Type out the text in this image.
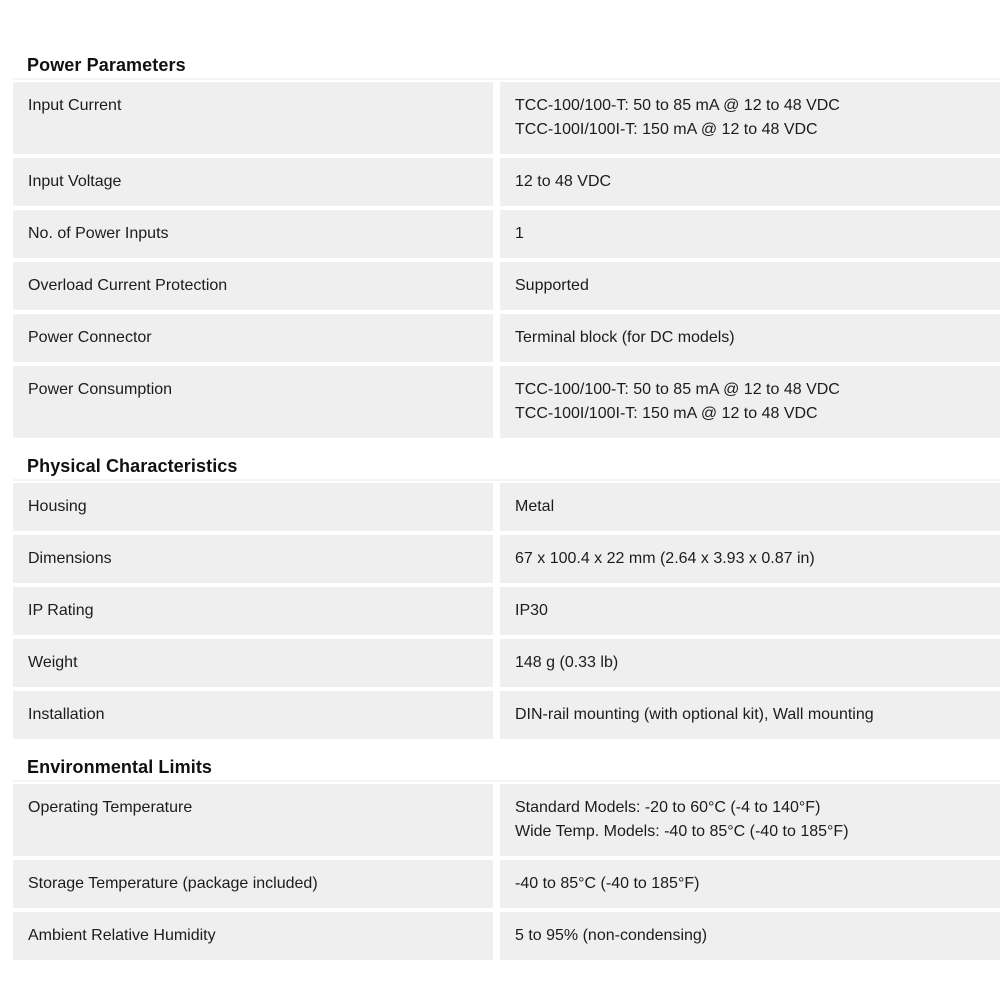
Power Parameters
Input Current	TCC-100/100-T: 50 to 85 mA @ 12 to 48 VDC
TCC-100I/100I-T: 150 mA @ 12 to 48 VDC
Input Voltage	12 to 48 VDC
No. of Power Inputs	1
Overload Current Protection	Supported
Power Connector	Terminal block (for DC models)
Power Consumption	TCC-100/100-T: 50 to 85 mA @ 12 to 48 VDC
TCC-100I/100I-T: 150 mA @ 12 to 48 VDC
Physical Characteristics
Housing	Metal
Dimensions	67 x 100.4 x 22 mm (2.64 x 3.93 x 0.87 in)
IP Rating	IP30
Weight	148 g (0.33 lb)
Installation	DIN-rail mounting (with optional kit), Wall mounting
Environmental Limits
Operating Temperature	Standard Models: -20 to 60°C (-4 to 140°F)
Wide Temp. Models: -40 to 85°C (-40 to 185°F)
Storage Temperature (package included)	-40 to 85°C (-40 to 185°F)
Ambient Relative Humidity	5 to 95% (non-condensing)
